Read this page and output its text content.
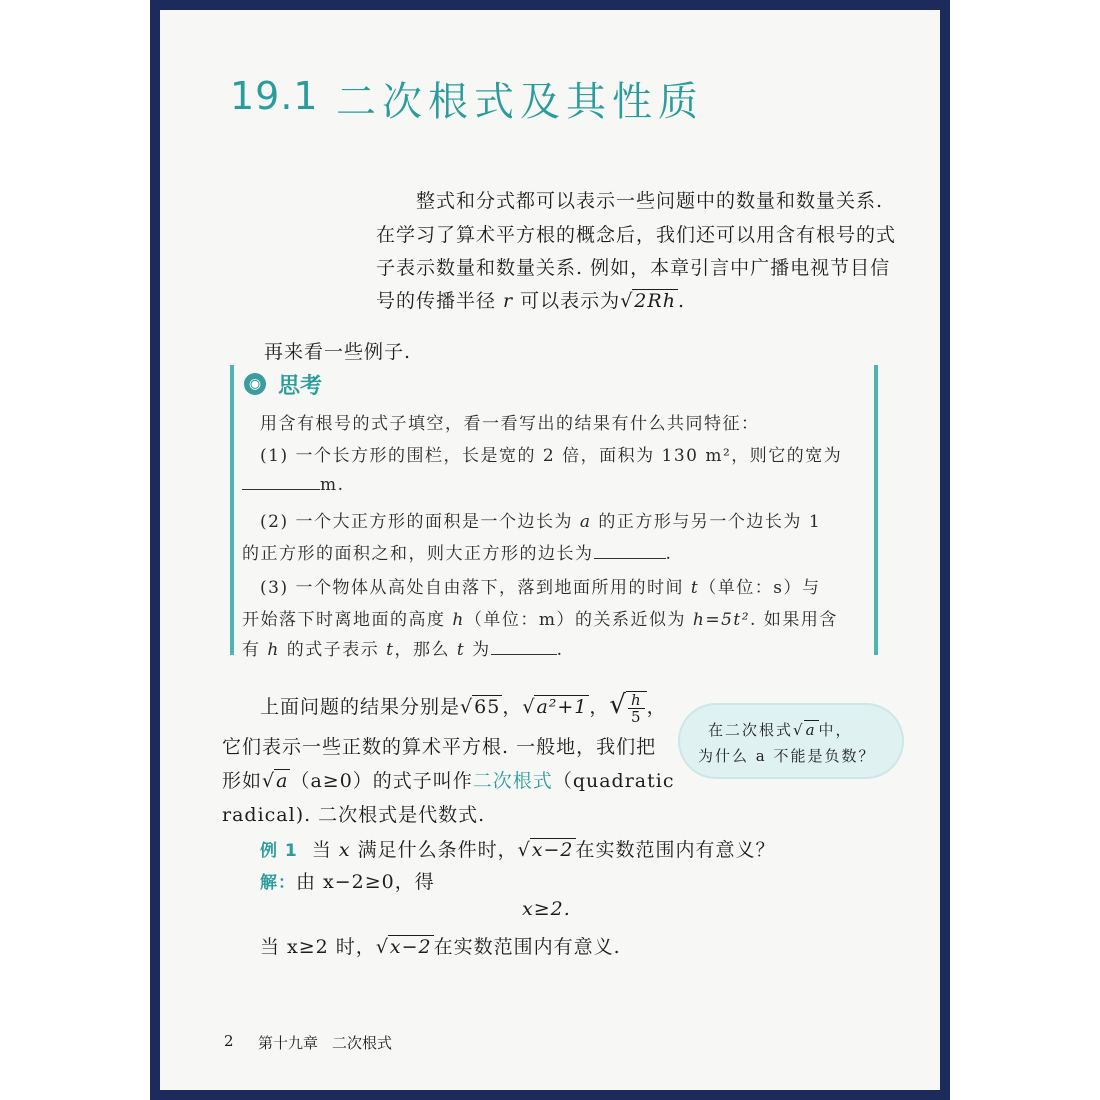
19.1 二次根式及其性质
整式和分式都可以表示一些问题中的数量和数量关系.
在学习了算术平方根的概念后，我们还可以用含有根号的式
子表示数量和数量关系. 例如，本章引言中广播电视节目信
号的传播半径 r 可以表示为√2Rh .
再来看一些例子.
◉ 思考
用含有根号的式子填空，看一看写出的结果有什么共同特征：
(1) 一个长方形的围栏，长是宽的 2 倍，面积为 130 m²，则它的宽为
m.
(2) 一个大正方形的面积是一个边长为 a 的正方形与另一个边长为 1
的正方形的面积之和，则大正方形的边长为	.
(3) 一个物体从高处自由落下，落到地面所用的时间 t（单位：s）与
开始落下时离地面的高度 h（单位：m）的关系近似为 h=5t². 如果用含
有 h 的式子表示 t，那么 t 为	.
上面问题的结果分别是√65 ，√a²+1 ，√ $\frac{h}{5}$ ，
它们表示一些正数的算术平方根. 一般地，我们把
形如√a （a≥0）的式子叫作二次根式（quadratic
radical). 二次根式是代数式.
在二次根式√a 中，
为什么 a 不能是负数？
例 1 当 x 满足什么条件时，√x−2 在实数范围内有意义？
解：由 x−2≥0，得
x≥2.
当 x≥2 时，√x−2 在实数范围内有意义.
2 第十九章 二次根式
